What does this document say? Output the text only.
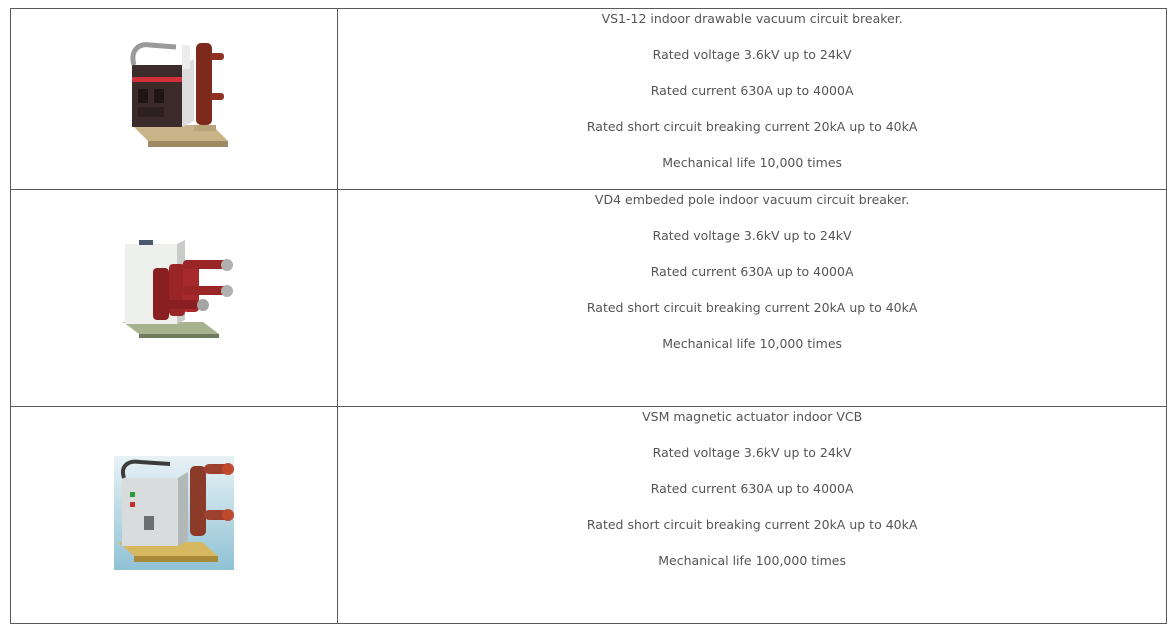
VS1-12 indoor drawable vacuum circuit breaker.

Rated voltage 3.6kV up to 24kV

Rated current 630A up to 4000A

Rated short circuit breaking current 20kA up to 40kA

Mechanical life 10,000 times

VD4 embeded pole indoor vacuum circuit breaker.

Rated voltage 3.6kV up to 24kV

Rated current 630A up to 4000A

Rated short circuit breaking current 20kA up to 40kA

Mechanical life 10,000 times

VSM magnetic actuator indoor VCB

Rated voltage 3.6kV up to 24kV

Rated current 630A up to 4000A

Rated short circuit breaking current 20kA up to 40kA

Mechanical life 100,000 times
